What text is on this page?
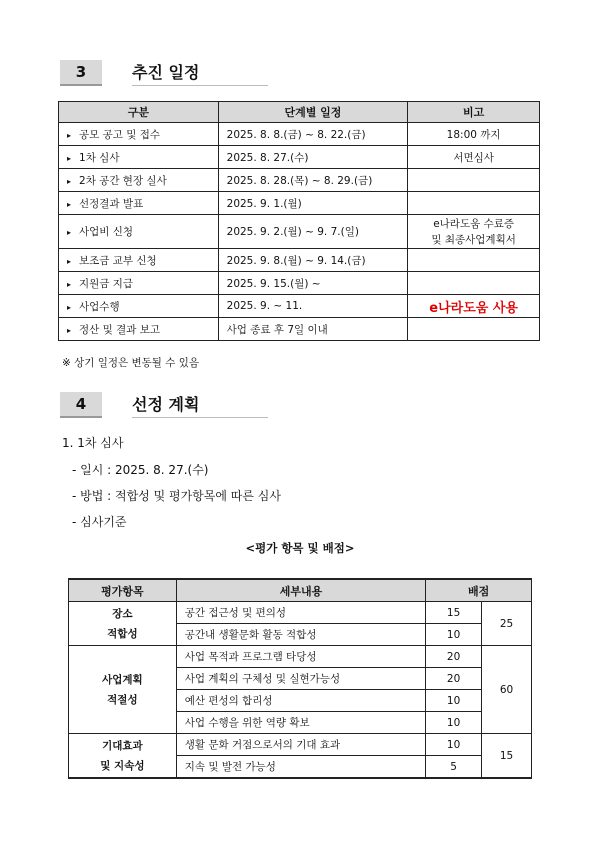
3	추진 일정
구분	단계별 일정	비고
▸ 공모 공고 및 접수	2025. 8. 8.(금) ~ 8. 22.(금)	18:00 까지
▸ 1차 심사	2025. 8. 27.(수)	서면심사
▸ 2차 공간 현장 실사	2025. 8. 28.(목) ~ 8. 29.(금)	
▸ 선정결과 발표	2025. 9. 1.(월)	
▸ 사업비 신청	2025. 9. 2.(월) ~ 9. 7.(일)	e나라도움 수료증
및 최종사업계획서

▸ 보조금 교부 신청	2025. 9. 8.(월) ~ 9. 14.(금)	
▸ 지원금 지급	2025. 9. 15.(월) ~	
▸ 사업수행	2025. 9. ~ 11.	e나라도움 사용
▸ 정산 및 결과 보고	사업 종료 후 7일 이내	
※ 상기 일정은 변동될 수 있음
4	선정 계획
1. 1차 심사
- 일시 : 2025. 8. 27.(수)
- 방법 : 적합성 및 평가항목에 따른 심사
- 심사기준
<평가 항목 및 배점>
평가항목	세부내용	배점	

장소
적합성	공간 접근성 및 편의성	15	25
	공간내 생활문화 활동 적합성	10	

사업계획
적절성	사업 목적과 프로그램 타당성	20	60
	사업 계획의 구체성 및 실현가능성	20	
	예산 편성의 합리성	10	
	사업 수행을 위한 역량 확보	10	

기대효과
및 지속성	생활 문화 거점으로서의 기대 효과	10	15
	지속 및 발전 가능성	5	
